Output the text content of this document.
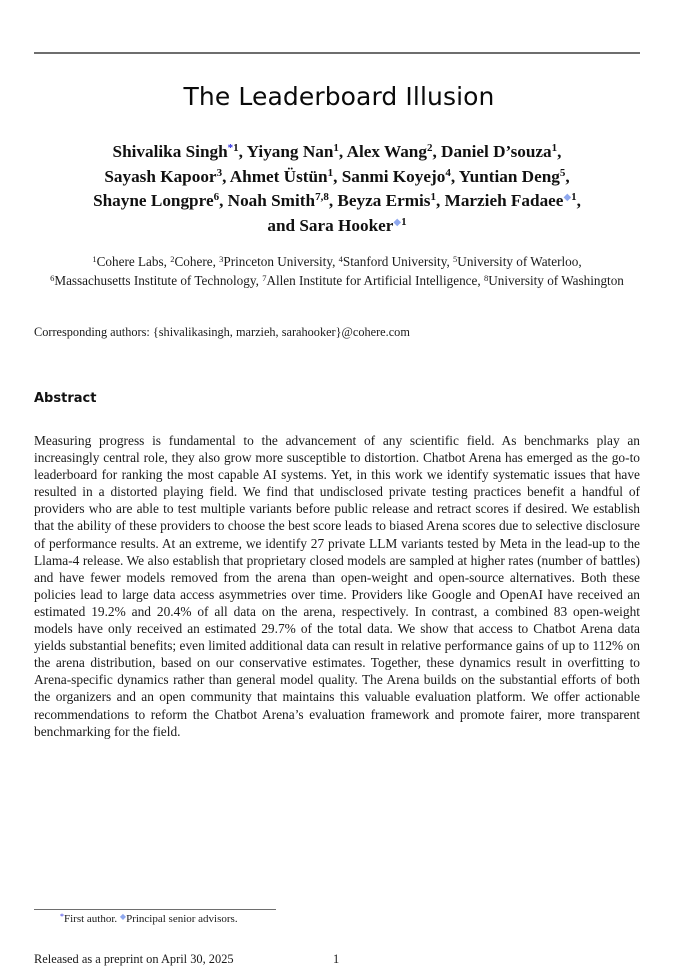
The Leaderboard Illusion
Shivalika Singh$^{*1}$, Yiyang Nan$^1$, Alex Wang$^2$, Daniel D’souza$^1$,
Sayash Kapoor$^3$, Ahmet Üstün$^1$, Sanmi Koyejo$^4$, Yuntian Deng$^5$,
Shayne Longpre$^6$, Noah Smith$^{7,8}$, Beyza Ermis$^1$, Marzieh Fadaee$^{◆1}$,
and Sara Hooker$^{◆1}$
$^1$Cohere Labs, $^2$Cohere, $^3$Princeton University, $^4$Stanford University, $^5$University of Waterloo,
$^6$Massachusetts Institute of Technology, $^7$Allen Institute for Artificial Intelligence, $^8$University of Washington
Corresponding authors: {shivalikasingh, marzieh, sarahooker}@cohere.com
Abstract

Measuring progress is fundamental to the advancement of any scientific field. As benchmarks play an increasingly central role, they also grow more susceptible to distortion. Chatbot Arena has emerged as the go-to leaderboard for ranking the most capable AI systems. Yet, in this work we identify systematic issues that have resulted in a distorted playing field. We find that undisclosed private testing practices benefit a handful of providers who are able to test multiple variants before public release and retract scores if desired. We establish that the ability of these providers to choose the best score leads to biased Arena scores due to selective disclosure of performance results. At an extreme, we identify 27 private LLM variants tested by Meta in the lead-up to the Llama-4 release. We also establish that proprietary closed models are sampled at higher rates (number of battles) and have fewer models removed from the arena than open-weight and open-source alternatives. Both these policies lead to large data access asymmetries over time. Providers like Google and OpenAI have received an estimated 19.2% and 20.4% of all data on the arena, respectively. In contrast, a combined 83 open-weight models have only received an estimated 29.7% of the total data. We show that access to Chatbot Arena data yields substantial benefits; even limited additional data can result in relative performance gains of up to 112% on the arena distribution, based on our conservative estimates. Together, these dynamics result in overfitting to Arena-specific dynamics rather than general model quality. The Arena builds on the substantial efforts of both the organizers and an open community that maintains this valuable evaluation platform. We offer actionable recommendations to reform the Chatbot Arena’s evaluation framework and promote fairer, more transparent benchmarking for the field.

*First author. ◆Principal senior advisors.
Released as a preprint on April 30, 2025	1
